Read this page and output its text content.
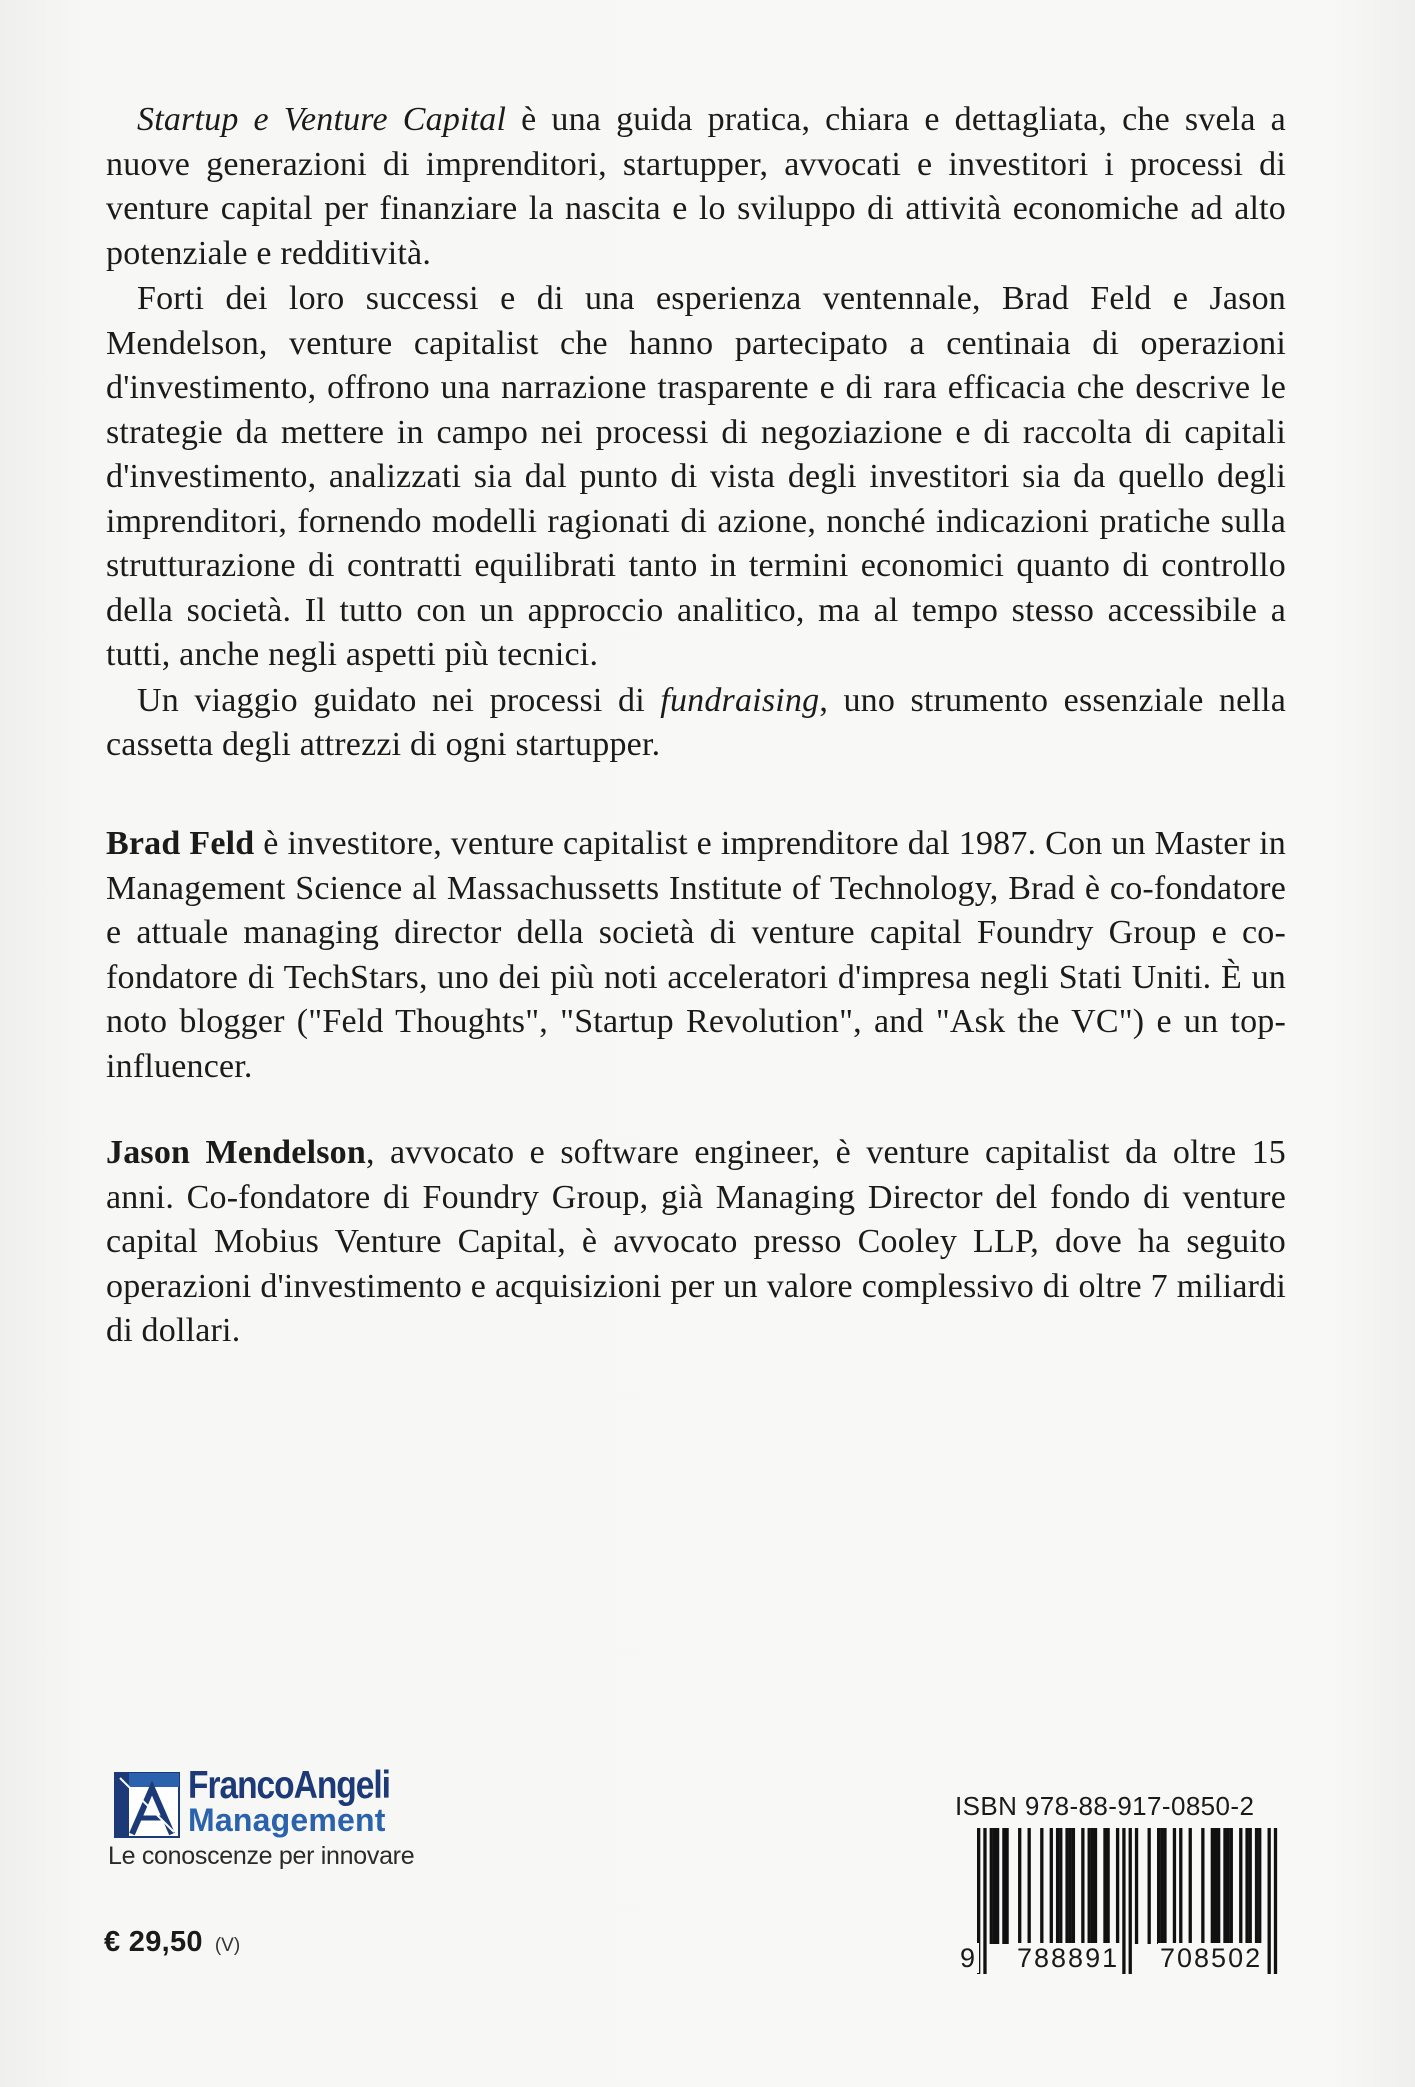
Startup e Venture Capital è una guida pratica, chiara e dettagliata, che svela a nuove generazioni di imprenditori, startupper, avvocati e investitori i processi di venture capital per finanziare la nascita e lo sviluppo di attività economiche ad alto potenziale e redditività.

Forti dei loro successi e di una esperienza ventennale, Brad Feld e Jason Mendelson, venture capitalist che hanno partecipato a centinaia di operazioni d'investimento, offrono una narrazione trasparente e di rara efficacia che descrive le strategie da mettere in campo nei processi di negoziazione e di raccolta di capitali d'investimento, analizzati sia dal punto di vista degli investitori sia da quello degli imprenditori, fornendo modelli ragionati di azione, nonché indicazioni pratiche sulla strutturazione di contratti equilibrati tanto in termini economici quanto di controllo della società. Il tutto con un approccio analitico, ma al tempo stesso accessibile a tutti, anche negli aspetti più tecnici.

Un viaggio guidato nei processi di fundraising, uno strumento essenziale nella cassetta degli attrezzi di ogni startupper.

Brad Feld è investitore, venture capitalist e imprenditore dal 1987. Con un Master in Management Science al Massachussetts Institute of Technology, Brad è co-fondatore e attuale managing director della società di venture capital Foundry Group e co-fondatore di TechStars, uno dei più noti acceleratori d'impresa negli Stati Uniti. È un noto blogger ("Feld Thoughts", "Startup Revolution", and "Ask the VC") e un top-influencer.

Jason Mendelson, avvocato e software engineer, è venture capitalist da oltre 15 anni. Co-fondatore di Foundry Group, già Managing Director del fondo di venture capital Mobius Venture Capital, è avvocato presso Cooley LLP, dove ha seguito operazioni d'investimento e acquisizioni per un valore complessivo di oltre 7 miliardi di dollari.

FrancoAngeli
Management
Le conoscenze per innovare
€ 29,50 (V)
ISBN 978-88-917-0850-2
9 788891 708502
